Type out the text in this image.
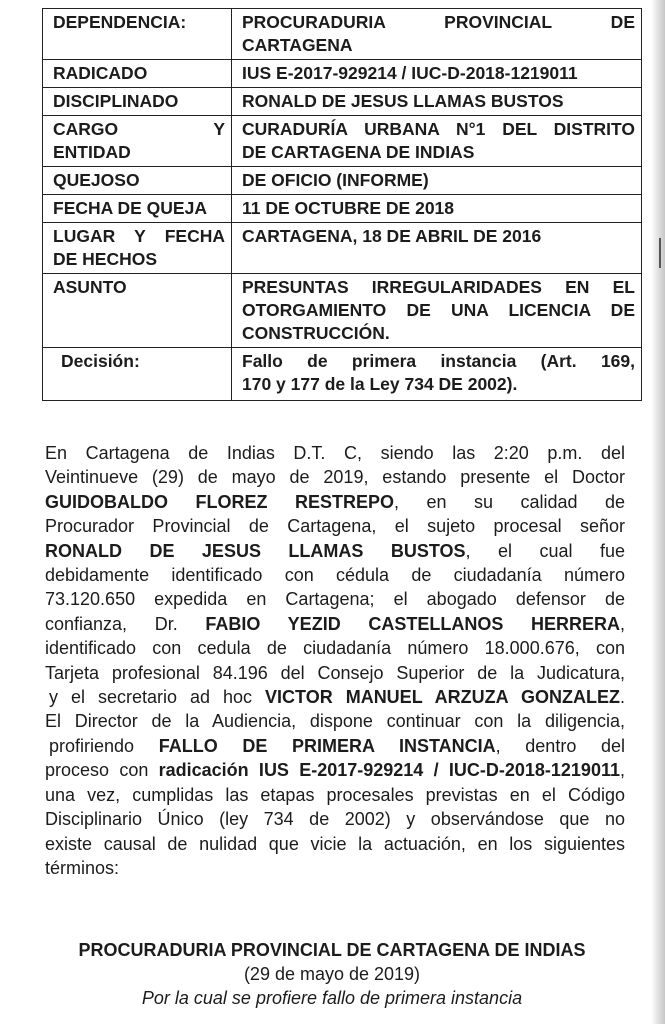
DEPENDENCIA:	PROCURADURIA PROVINCIAL DE
CARTAGENA

RADICADO	IUS E-2017-929214 / IUC-D-2018-1219011

DISCIPLINADO	RONALD DE JESUS LLAMAS BUSTOS

CARGO Y
ENTIDAD	CURADURÍA URBANA N°1 DEL DISTRITO
DE CARTAGENA DE INDIAS

QUEJOSO	DE OFICIO (INFORME)

FECHA DE QUEJA	11 DE OCTUBRE DE 2018

LUGAR Y FECHA
DE HECHOS	CARTAGENA, 18 DE ABRIL DE 2016

ASUNTO	PRESUNTAS IRREGULARIDADES EN EL
OTORGAMIENTO DE UNA LICENCIA DE
CONSTRUCCIÓN.

Decisión:	Fallo de primera instancia (Art. 169,
170 y 177 de la Ley 734 DE 2002).
En Cartagena de Indias D.T. C, siendo las 2:20 p.m. del
Veintinueve (29) de mayo de 2019, estando presente el Doctor
GUIDOBALDO FLOREZ RESTREPO, en su calidad de
Procurador Provincial de Cartagena, el sujeto procesal señor
RONALD DE JESUS LLAMAS BUSTOS, el cual fue
debidamente identificado con cédula de ciudadanía número
73.120.650 expedida en Cartagena; el abogado defensor de
confianza, Dr. FABIO YEZID CASTELLANOS HERRERA,
identificado con cedula de ciudadanía número 18.000.676, con
Tarjeta profesional 84.196 del Consejo Superior de la Judicatura,
y el secretario ad hoc VICTOR MANUEL ARZUZA GONZALEZ.
El Director de la Audiencia, dispone continuar con la diligencia,
profiriendo FALLO DE PRIMERA INSTANCIA, dentro del
proceso con radicación IUS E-2017-929214 / IUC-D-2018-1219011,
una vez, cumplidas las etapas procesales previstas en el Código
Disciplinario Único (ley 734 de 2002) y observándose que no
existe causal de nulidad que vicie la actuación, en los siguientes
términos:
PROCURADURIA PROVINCIAL DE CARTAGENA DE INDIAS
(29 de mayo de 2019)
Por la cual se profiere fallo de primera instancia
